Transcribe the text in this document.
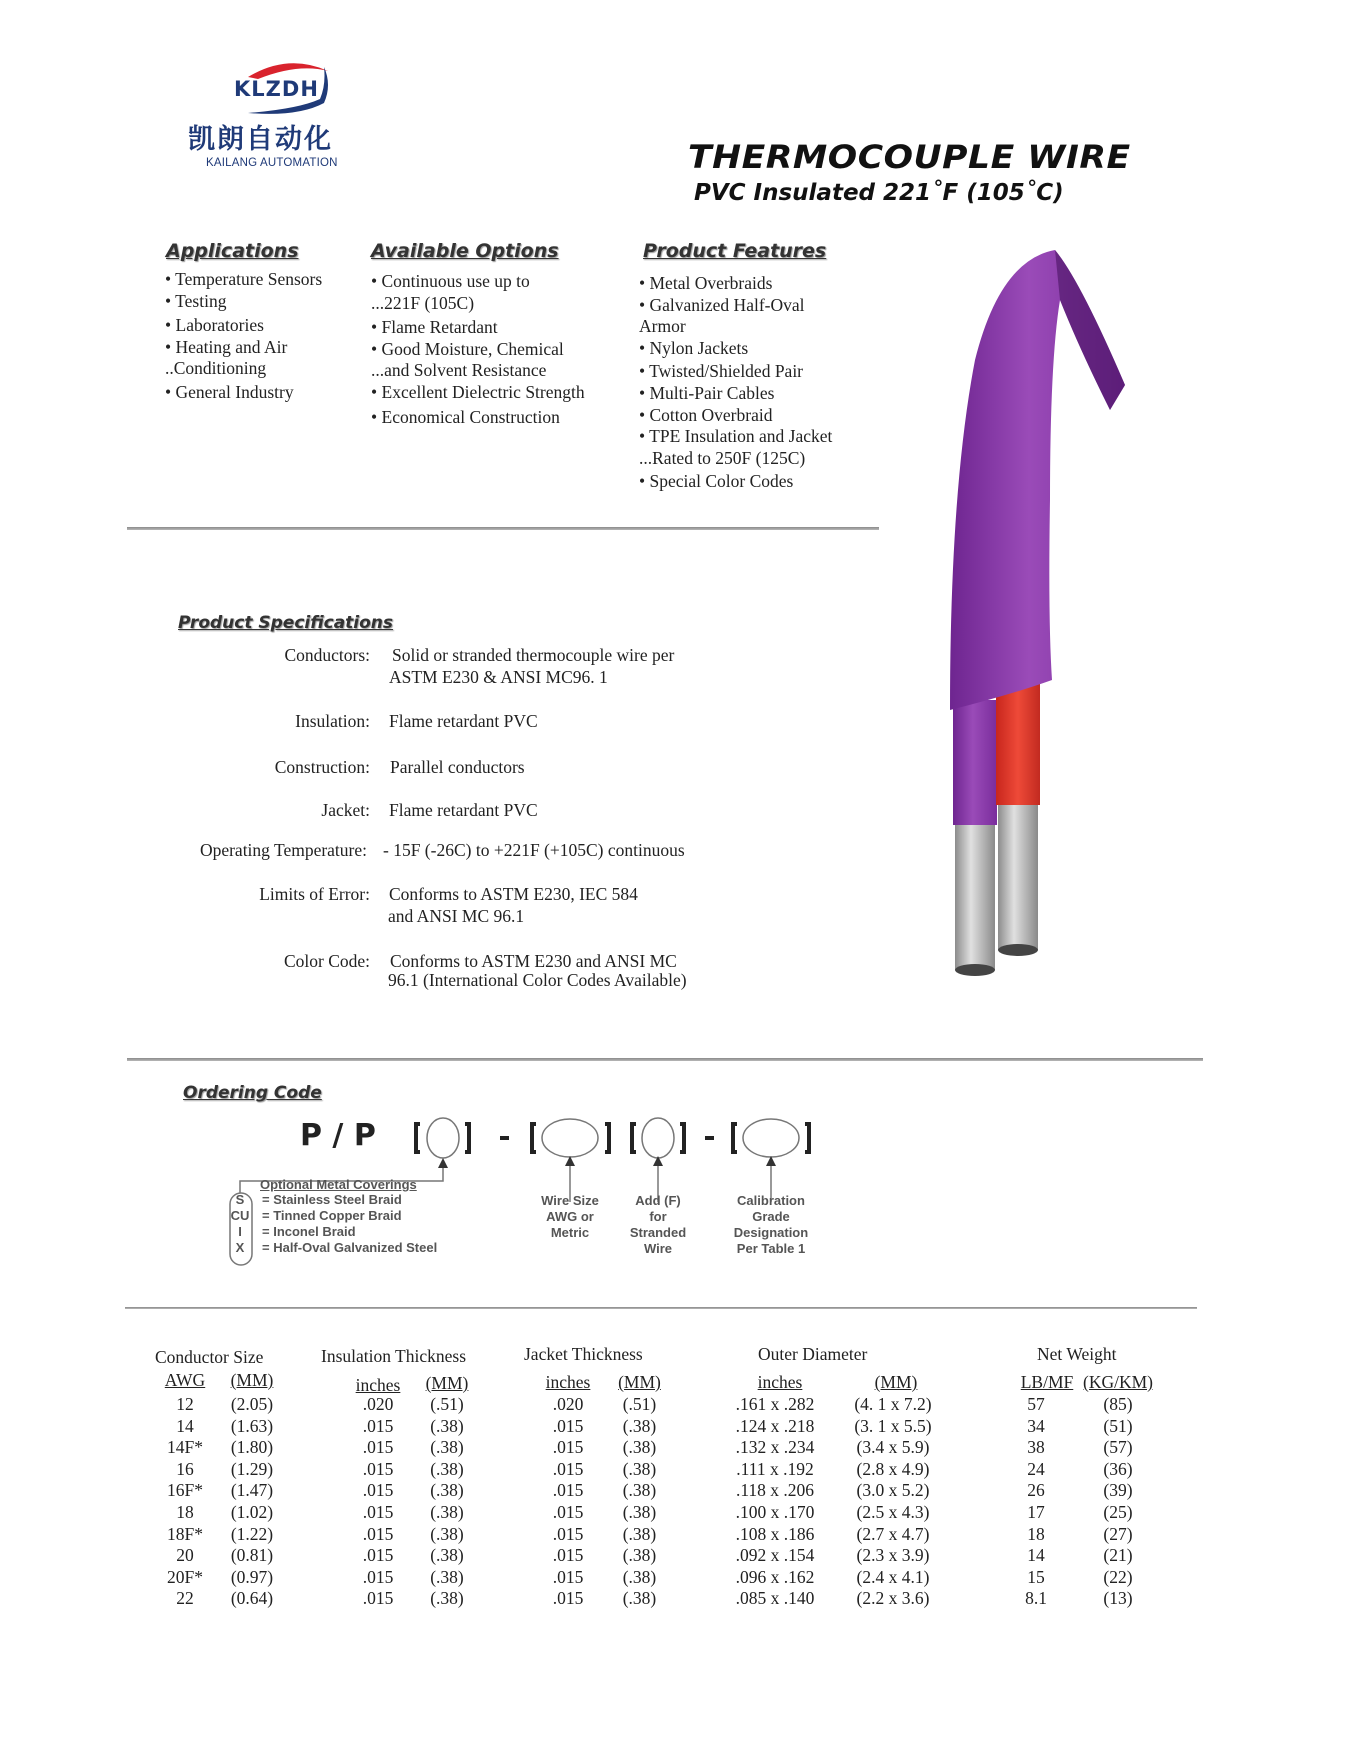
KLZDH
凯朗自动化
KAILANG AUTOMATION	THERMOCOUPLE WIRE
PVC Insulated 221˚F (105˚C)
Applications
• Temperature Sensors
• Testing
• Laboratories
• Heating and Air
..Conditioning
• General Industry
Available Options
• Continuous use up to
...221F (105C)
• Flame Retardant
• Good Moisture, Chemical
...and Solvent Resistance
• Excellent Dielectric Strength
• Economical Construction
Product Features
• Metal Overbraids
• Galvanized Half-Oval
Armor
• Nylon Jackets
• Twisted/Shielded Pair
• Multi-Pair Cables
• Cotton Overbraid
• TPE Insulation and Jacket
...Rated to 250F (125C)
• Special Color Codes
Product Specifications
Conductors: Solid or stranded thermocouple wire per
ASTM E230 & ANSI MC96. 1
Insulation: Flame retardant PVC
Construction: Parallel conductors
Jacket: Flame retardant PVC
Operating Temperature: - 15F (-26C) to +221F (+105C) continuous
Limits of Error: Conforms to ASTM E230, IEC 584
and ANSI MC 96.1
Color Code: Conforms to ASTM E230 and ANSI MC
96.1 (International Color Codes Available)
Ordering Code
P / P
Optional Metal Coverings
S
CU
I
X
= Stainless Steel Braid
= Tinned Copper Braid
= Inconel Braid
= Half-Oval Galvanized Steel
Wire Size
AWG or
Metric
Add (F)
for
Stranded
Wire
Calibration
Grade
Designation
Per Table 1
Conductor Size	Insulation Thickness	Jacket Thickness	Outer Diameter	Net Weight
AWG (MM)	inches (MM)	inches	(MM)	inches	(MM)	LB/MF (KG/KM)
12	(2.05)	.020	(.51)	.020	(.51)	.161 x .282	(4. 1 x 7.2)	57	(85)
14	(1.63)	.015	(.38)	.015	(.38)	.124 x .218	(3. 1 x 5.5)	34	(51)
14F* (1.80)	.015	(.38)	.015	(.38)	.132 x .234	(3.4 x 5.9)	38	(57)
16	(1.29)	.015	(.38)	.015	(.38)	.111 x .192	(2.8 x 4.9)	24	(36)
16F* (1.47)	.015	(.38)	.015	(.38)	.118 x .206	(3.0 x 5.2)	26	(39)
18	(1.02)	.015	(.38)	.015	(.38)	.100 x .170	(2.5 x 4.3)	17	(25)
18F* (1.22)	.015	(.38)	.015	(.38)	.108 x .186	(2.7 x 4.7)	18	(27)
20	(0.81)	.015	(.38)	.015	(.38)	.092 x .154	(2.3 x 3.9)	14	(21)
20F* (0.97)	.015	(.38)	.015	(.38)	.096 x .162	(2.4 x 4.1)	15	(22)
22	(0.64)	.015	(.38)	.015	(.38)	.085 x .140	(2.2 x 3.6)	8.1	(13)
